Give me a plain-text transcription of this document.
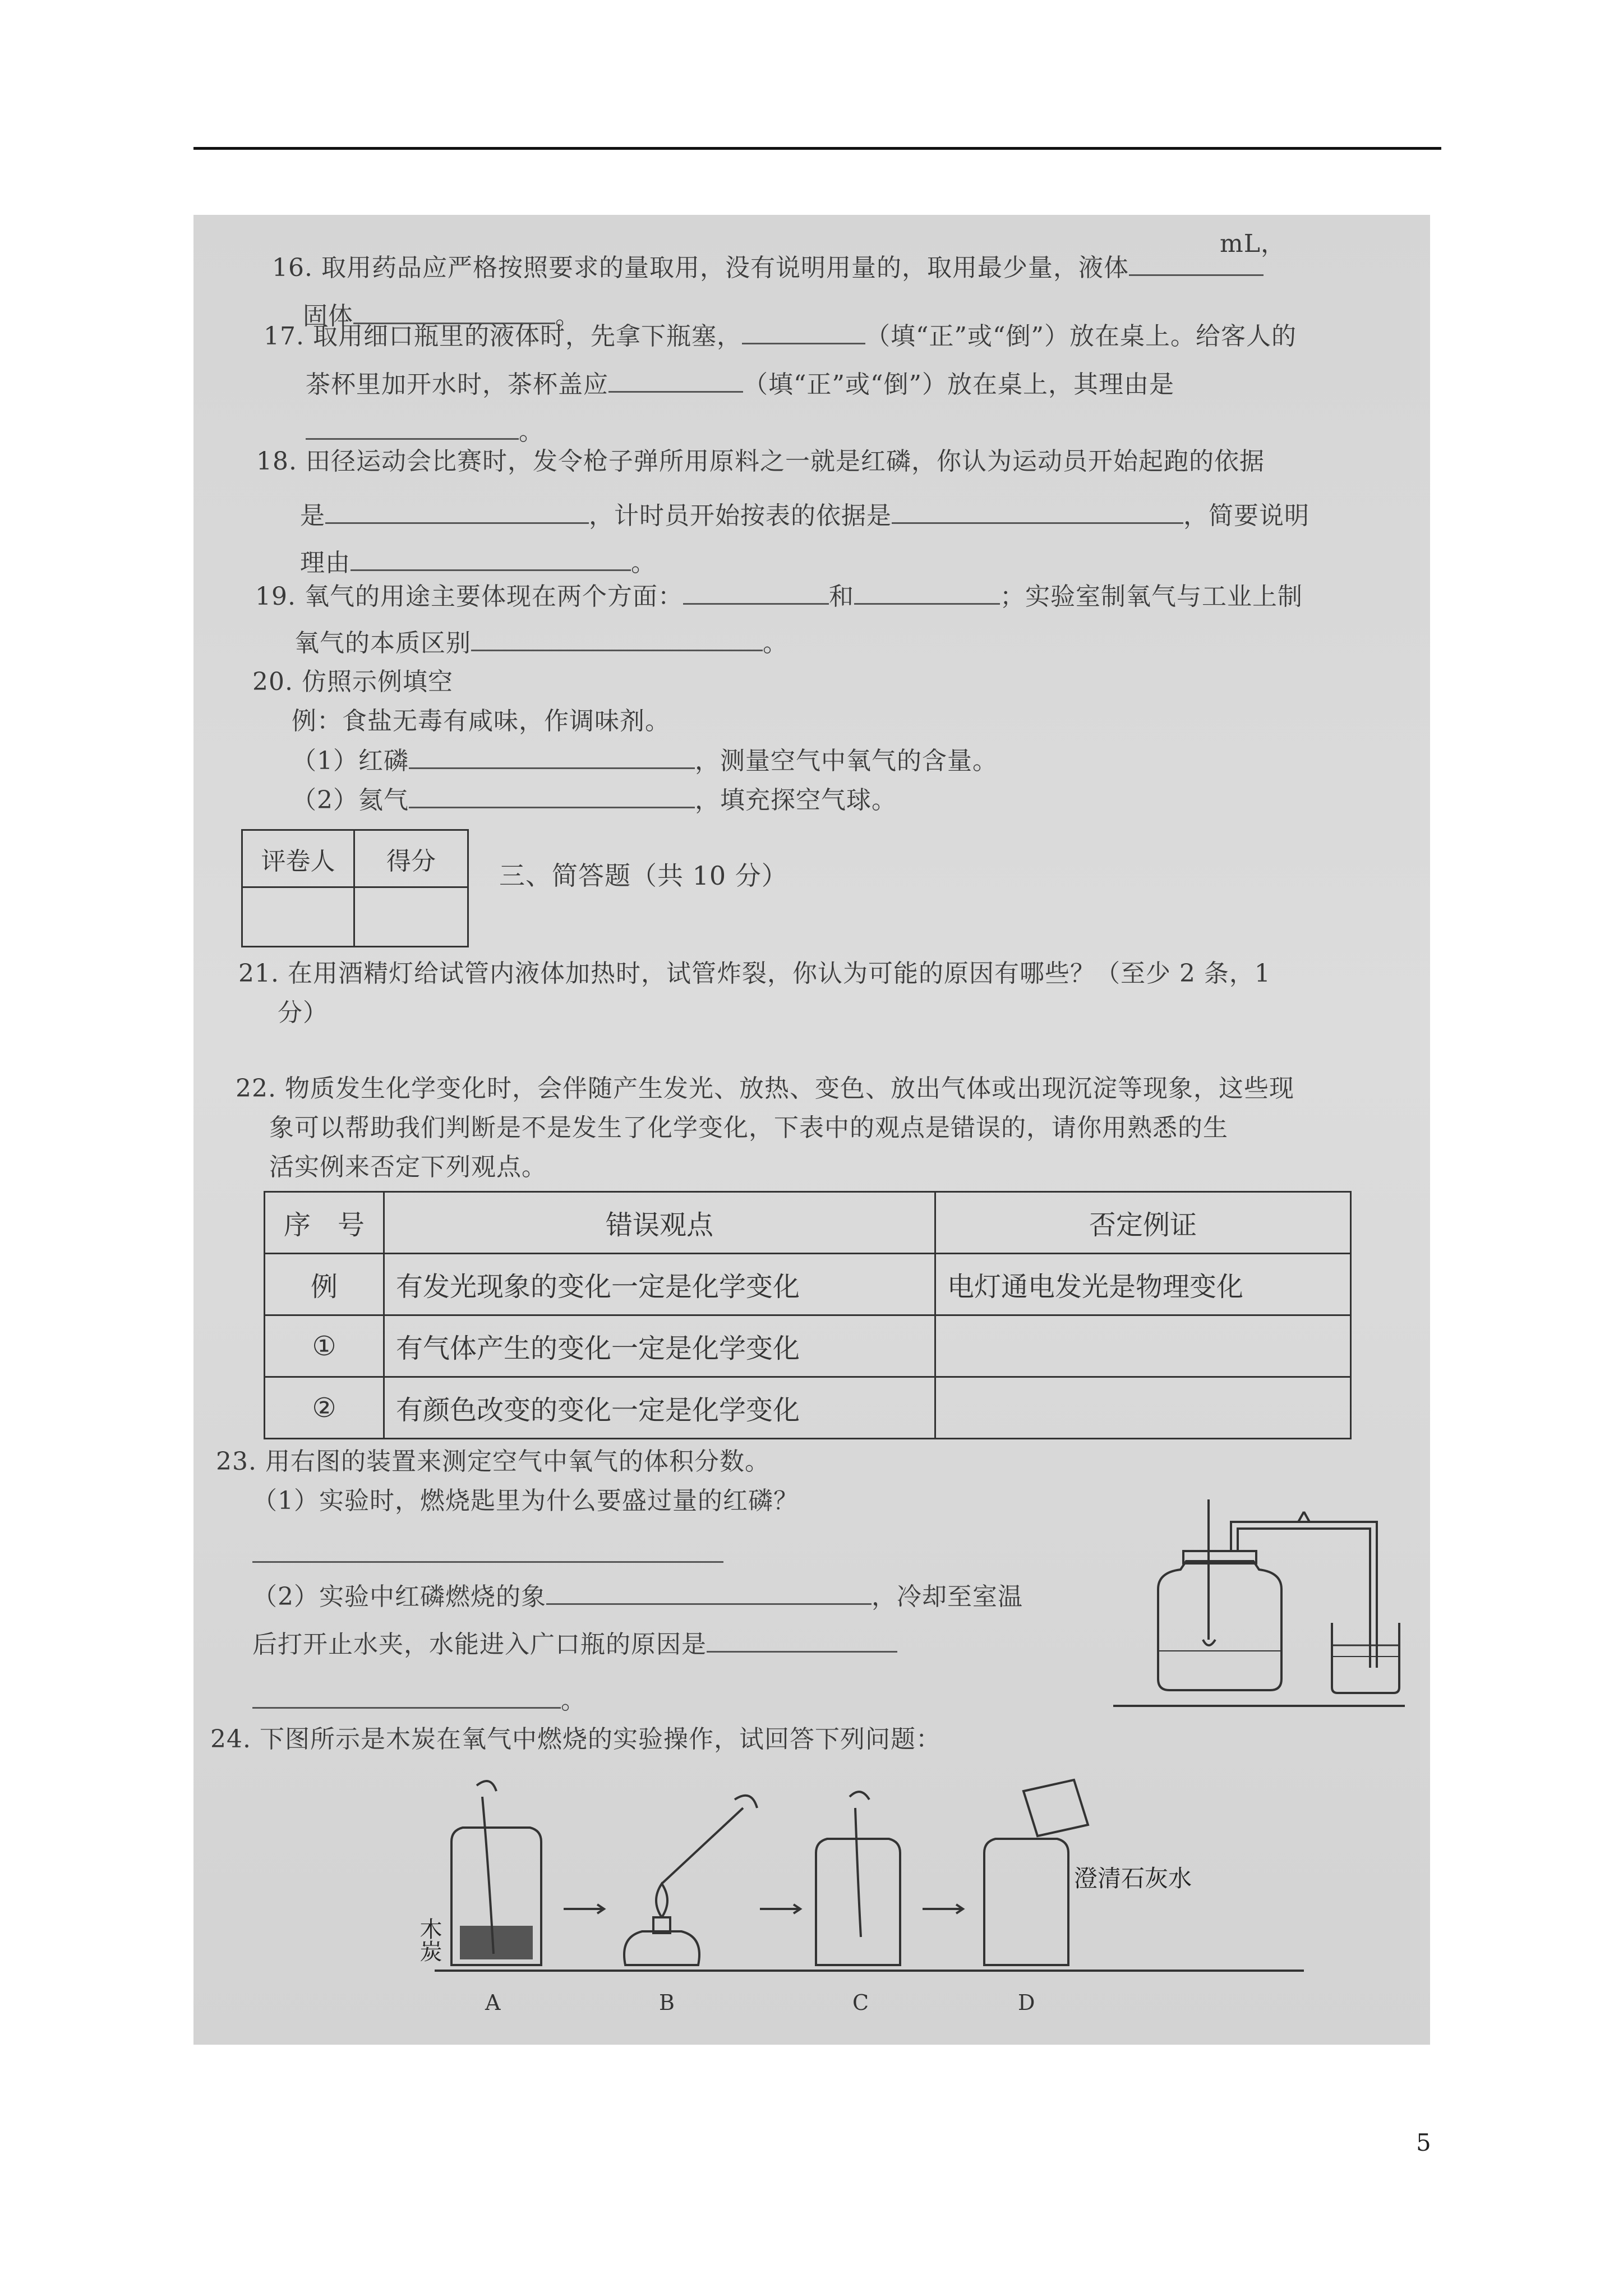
16. 取用药品应严格按照要求的量取用，没有说明用量的，取用最少量，液体
mL，
固体	。
17. 取用细口瓶里的液体时，先拿下瓶塞，	（填“正”或“倒”）放在桌上。给客人的
茶杯里加开水时，茶杯盖应	（填“正”或“倒”）放在桌上，其理由是
。
18. 田径运动会比赛时，发令枪子弹所用原料之一就是红磷，你认为运动员开始起跑的依据
是	，计时员开始按表的依据是	，简要说明
理由	。
19. 氧气的用途主要体现在两个方面：	和	；实验室制氧气与工业上制
氧气的本质区别	。
20. 仿照示例填空
例：食盐无毒有咸味，作调味剂。
（1）红磷	，测量空气中氧气的含量。
（2）氦气	，填充探空气球。
评卷人	得分	三、简答题（共 10 分）
21. 在用酒精灯给试管内液体加热时，试管炸裂，你认为可能的原因有哪些？（至少 2 条，1
分）
22. 物质发生化学变化时，会伴随产生发光、放热、变色、放出气体或出现沉淀等现象，这些现
象可以帮助我们判断是不是发生了化学变化，下表中的观点是错误的，请你用熟悉的生
活实例来否定下列观点。
序　号	错误观点	否定例证
例	有发光现象的变化一定是化学变化	电灯通电发光是物理变化
①	有气体产生的变化一定是化学变化	
②	有颜色改变的变化一定是化学变化	
23. 用右图的装置来测定空气中氧气的体积分数。
（1）实验时，燃烧匙里为什么要盛过量的红磷？
（2）实验中红磷燃烧的象	，冷却至室温
后打开止水夹，水能进入广口瓶的原因是
。
24. 下图所示是木炭在氧气中燃烧的实验操作，试回答下列问题：
木炭
澄清石灰水
A	B	C	D
5
